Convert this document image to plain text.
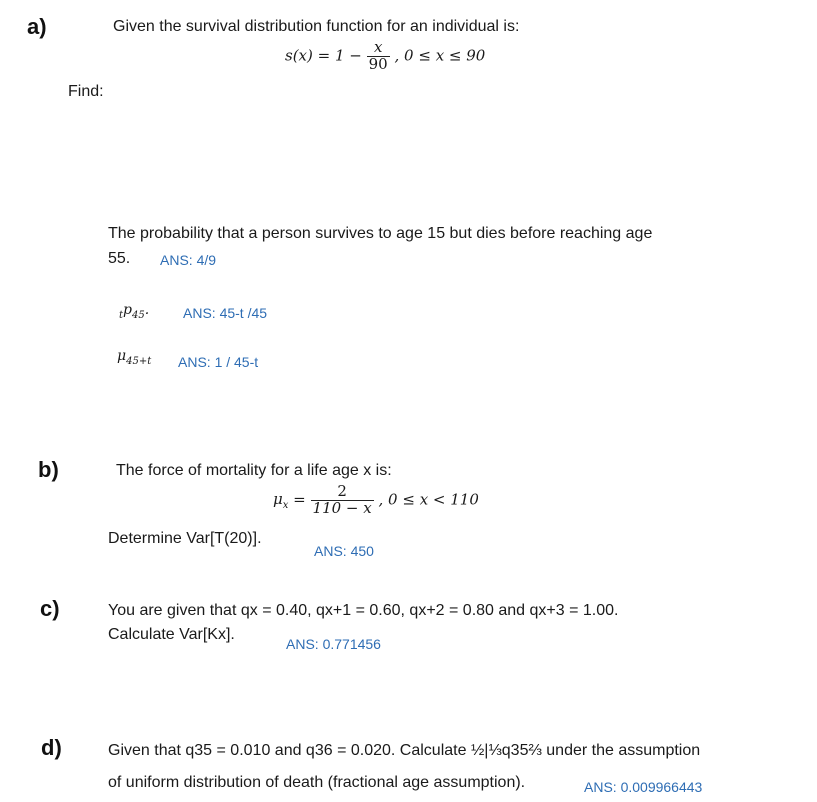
a)	Given the survival distribution function for an individual is:
$s(x) = 1 - \frac{x}{90}$ , 0 ≤ x ≤ 90
Find:
The probability that a person survives to age 15 but dies before reaching age
55. ANS: 4/9
$_tp_{45}$. ANS: 45-t /45
$\mu_{45+t}$ ANS: 1 / 45-t
b)	The force of mortality for a life age x is:
$\mu_x = \frac{2}{110 - x}$ , 0 ≤ x < 110
Determine Var[T(20)].
ANS: 450
c)	You are given that qx = 0.40, qx+1 = 0.60, qx+2 = 0.80 and qx+3 = 1.00.
Calculate Var[Kx].
ANS: 0.771456
d)	Given that q35 = 0.010 and q36 = 0.020. Calculate ½|⅓q35⅔ under the assumption
of uniform distribution of death (fractional age assumption).	ANS: 0.009966443
